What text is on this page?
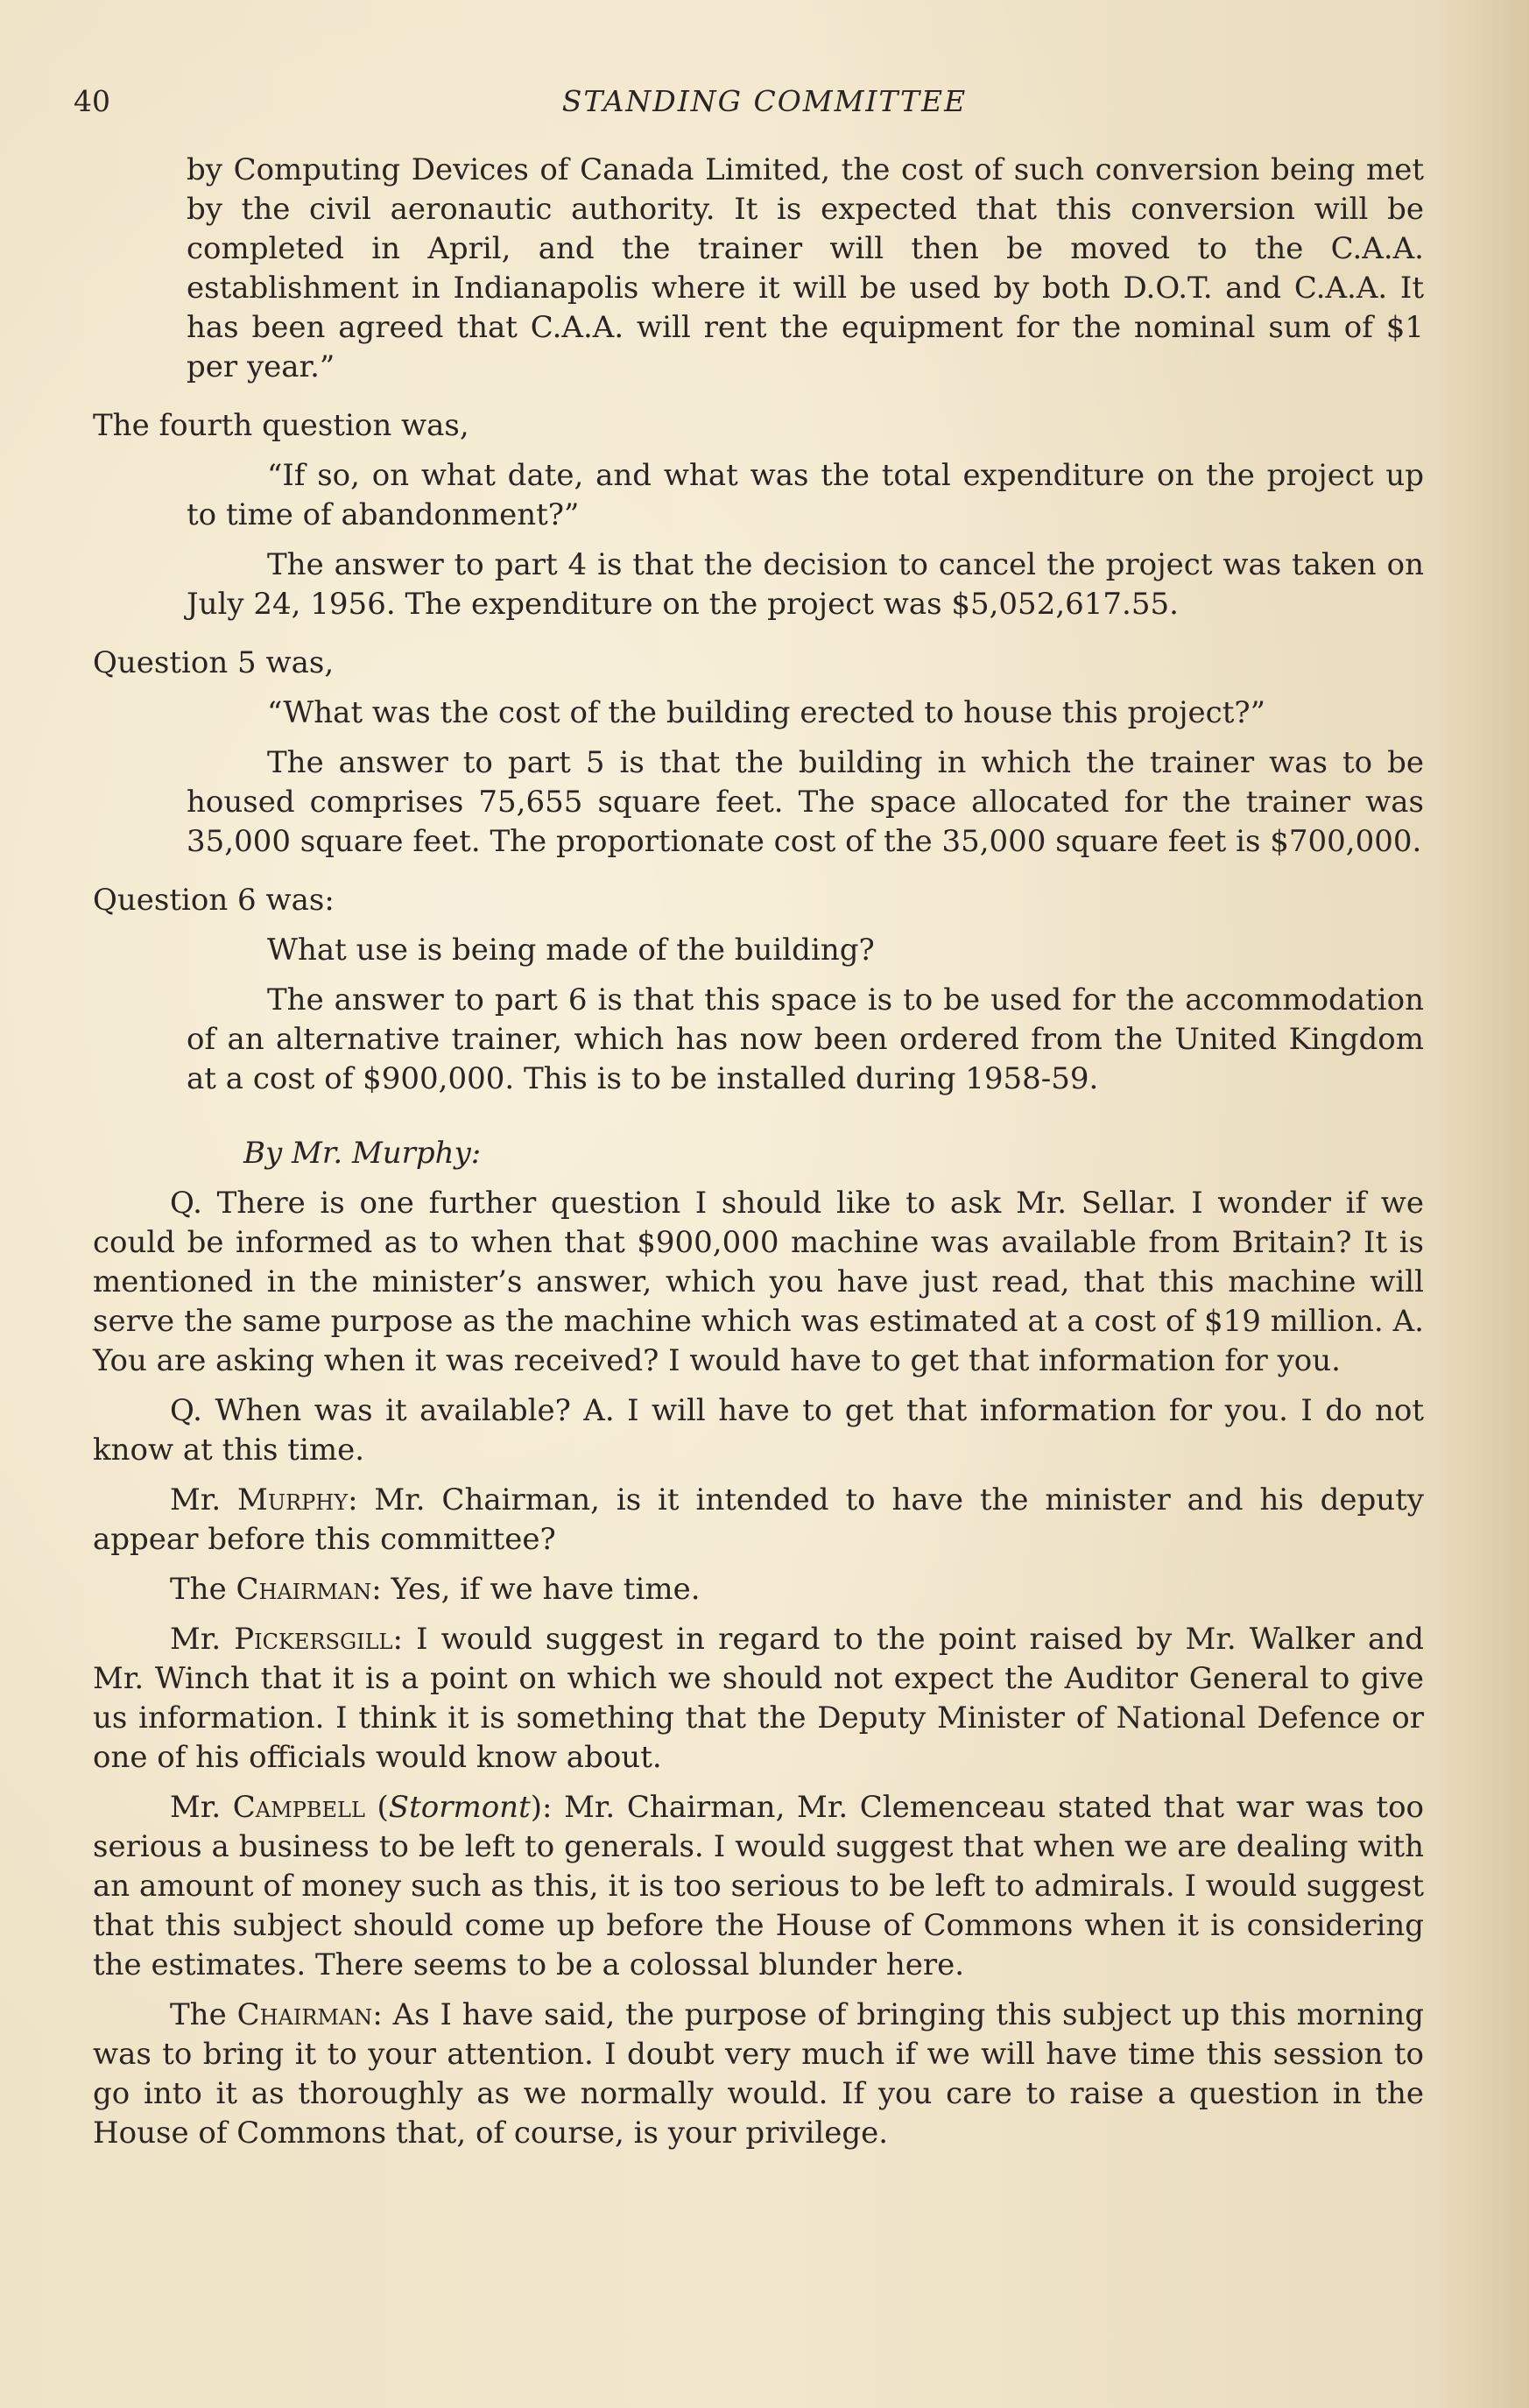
40	STANDING COMMITTEE

by Computing Devices of Canada Limited, the cost of such conversion being met by the civil aeronautic authority. It is expected that this conversion will be completed in April, and the trainer will then be moved to the C.A.A. establishment in Indianapolis where it will be used by both D.O.T. and C.A.A. It has been agreed that C.A.A. will rent the equipment for the nominal sum of $1 per year.”

The fourth question was,

“If so, on what date, and what was the total expenditure on the project up to time of abandonment?”

The answer to part 4 is that the decision to cancel the project was taken on July 24, 1956. The expenditure on the project was $5,052,617.55.

Question 5 was,

“What was the cost of the building erected to house this project?”

The answer to part 5 is that the building in which the trainer was to be housed comprises 75,655 square feet. The space allocated for the trainer was 35,000 square feet. The proportionate cost of the 35,000 square feet is $700,000.

Question 6 was:

What use is being made of the building?

The answer to part 6 is that this space is to be used for the accommodation of an alternative trainer, which has now been ordered from the United Kingdom at a cost of $900,000. This is to be installed during 1958-59.

By Mr. Murphy:

Q. There is one further question I should like to ask Mr. Sellar. I wonder if we could be informed as to when that $900,000 machine was available from Britain? It is mentioned in the minister’s answer, which you have just read, that this machine will serve the same purpose as the machine which was estimated at a cost of $19 million. A. You are asking when it was received? I would have to get that information for you.

Q. When was it available? A. I will have to get that information for you. I do not know at this time.

Mr. Murphy: Mr. Chairman, is it intended to have the minister and his deputy appear before this committee?

The Chairman: Yes, if we have time.

Mr. Pickersgill: I would suggest in regard to the point raised by Mr. Walker and Mr. Winch that it is a point on which we should not expect the Auditor General to give us information. I think it is something that the Deputy Minister of National Defence or one of his officials would know about.

Mr. Campbell (Stormont): Mr. Chairman, Mr. Clemenceau stated that war was too serious a business to be left to generals. I would suggest that when we are dealing with an amount of money such as this, it is too serious to be left to admirals. I would suggest that this subject should come up before the House of Commons when it is considering the estimates. There seems to be a colossal blunder here.

The Chairman: As I have said, the purpose of bringing this subject up this morning was to bring it to your attention. I doubt very much if we will have time this session to go into it as thoroughly as we normally would. If you care to raise a question in the House of Commons that, of course, is your privilege.
